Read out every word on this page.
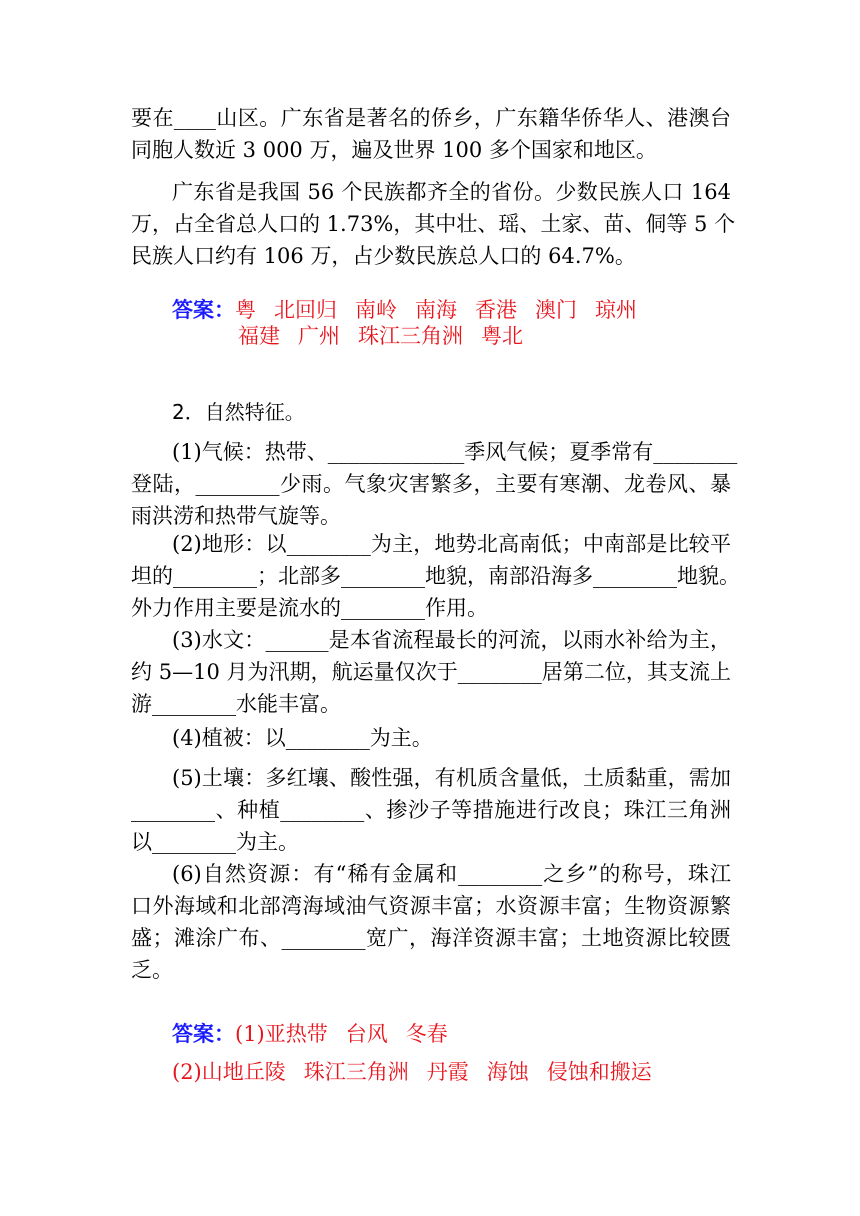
要在____山区。广东省是著名的侨乡，广东籍华侨华人、港澳台
同胞人数近 3 000 万，遍及世界 100 多个国家和地区。
广东省是我国 56 个民族都齐全的省份。少数民族人口 164
万，占全省总人口的 1.73%，其中壮、瑶、土家、苗、侗等 5 个
民族人口约有 106 万，占少数民族总人口的 64.7%。
答案：粤 北回归 南岭 南海 香港 澳门 琼州
福建 广州 珠江三角洲 粤北
2．自然特征。
(1)气候：热带、_____________季风气候；夏季常有________
登陆，________少雨。气象灾害繁多，主要有寒潮、龙卷风、暴
雨洪涝和热带气旋等。
(2)地形：以________为主，地势北高南低；中南部是比较平
坦的________；北部多________地貌，南部沿海多________地貌。
外力作用主要是流水的________作用。
(3)水文：______是本省流程最长的河流，以雨水补给为主，
约 5—10 月为汛期，航运量仅次于________居第二位，其支流上
游________水能丰富。
(4)植被：以________为主。
(5)土壤：多红壤、酸性强，有机质含量低，土质黏重，需加
________、种植________、掺沙子等措施进行改良；珠江三角洲
以________为主。
(6)自然资源：有“稀有金属和________之乡”的称号，珠江
口外海域和北部湾海域油气资源丰富；水资源丰富；生物资源繁
盛；滩涂广布、________宽广，海洋资源丰富；土地资源比较匮
乏。
答案：(1)亚热带 台风 冬春
(2)山地丘陵 珠江三角洲 丹霞 海蚀 侵蚀和搬运
